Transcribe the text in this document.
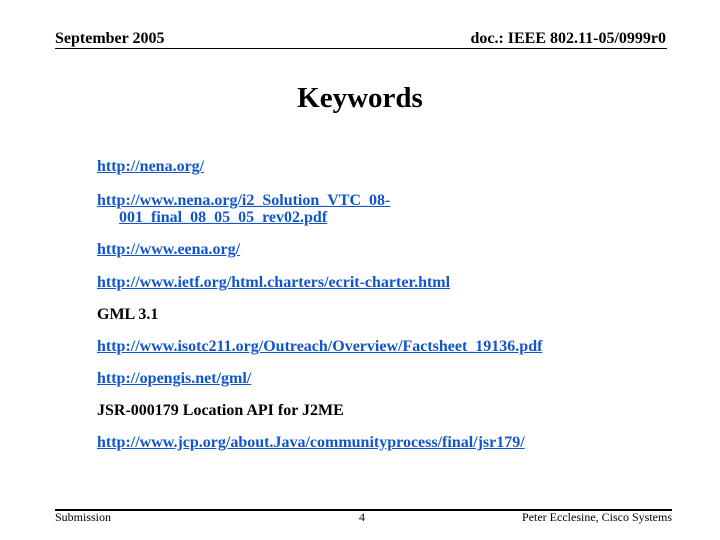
September 2005	doc.: IEEE 802.11-05/0999r0
Keywords
http://nena.org/
http://www.nena.org/i2_Solution_VTC_08-
001_final_08_05_05_rev02.pdf
http://www.eena.org/
http://www.ietf.org/html.charters/ecrit-charter.html
GML 3.1
http://www.isotc211.org/Outreach/Overview/Factsheet_19136.pdf
http://opengis.net/gml/
JSR-000179 Location API for J2ME
http://www.jcp.org/about.Java/communityprocess/final/jsr179/
Submission	4	Peter Ecclesine, Cisco Systems
